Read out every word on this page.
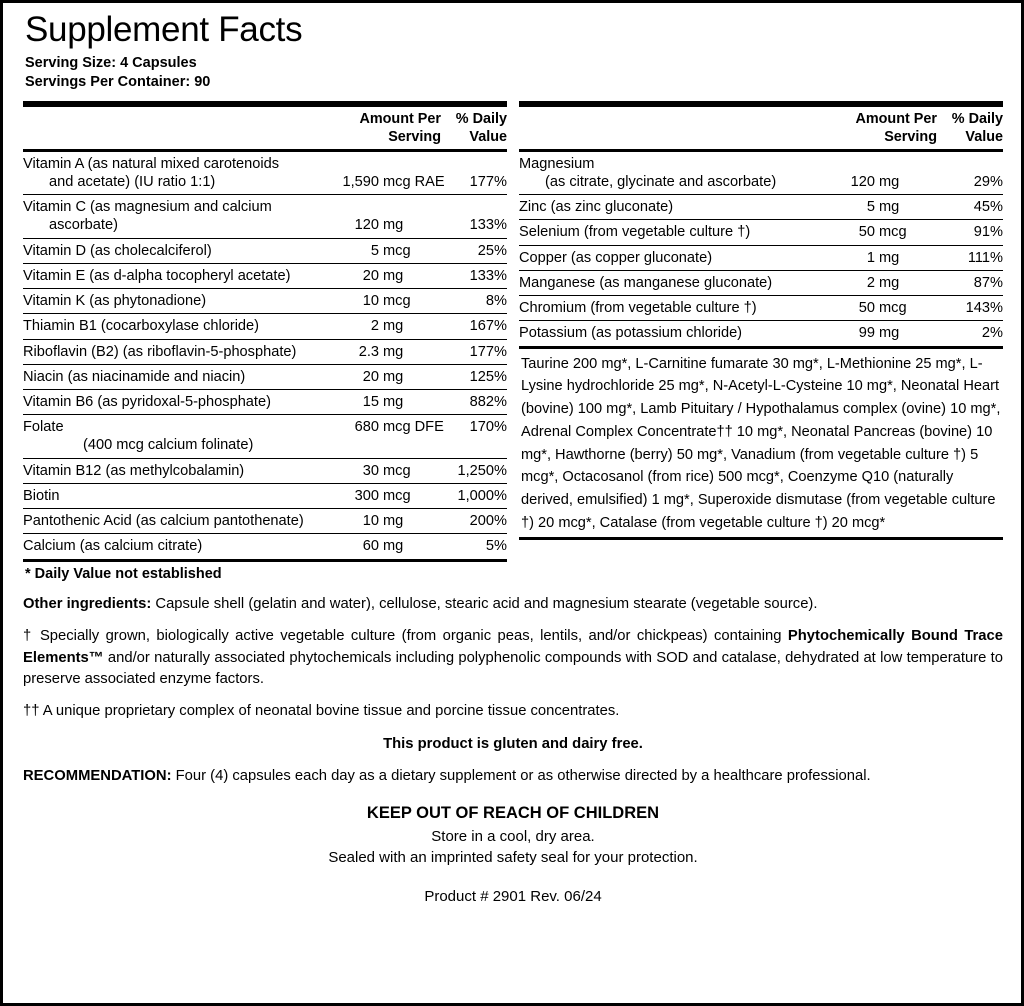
Supplement Facts
Serving Size: 4 Capsules
Servings Per Container: 90
	Amount Per
Serving	% Daily
Value
Vitamin A (as natural mixed carotenoids
and acetate) (IU ratio 1:1)	1,590	mcg RAE	177%
Vitamin C (as magnesium and calcium
ascorbate)	120	mg	133%
Vitamin D (as cholecalciferol)	5	mcg	25%
Vitamin E (as d-alpha tocopheryl acetate)	20	mg	133%
Vitamin K (as phytonadione)	10	mcg	8%
Thiamin B1 (cocarboxylase chloride)	2	mg	167%
Riboflavin (B2) (as riboflavin-5-phosphate)	2.3	mg	177%
Niacin (as niacinamide and niacin)	20	mg	125%
Vitamin B6 (as pyridoxal-5-phosphate)	15	mg	882%
Folate
(400 mcg calcium folinate)	680	mcg DFE	170%
Vitamin B12 (as methylcobalamin)	30	mcg	1,250%
Biotin	300	mcg	1,000%
Pantothenic Acid (as calcium pantothenate)	10	mg	200%
Calcium (as calcium citrate)	60	mg	5%
	Amount Per
Serving	% Daily
Value
Magnesium
(as citrate, glycinate and ascorbate)	120	mg	29%
Zinc (as zinc gluconate)	5	mg	45%
Selenium (from vegetable culture †)	50	mcg	91%
Copper (as copper gluconate)	1	mg	111%
Manganese (as manganese gluconate)	2	mg	87%
Chromium (from vegetable culture †)	50	mcg	143%
Potassium (as potassium chloride)	99	mg	2%
Taurine 200 mg*, L-Carnitine fumarate 30 mg*, L-Methionine 25 mg*, L-Lysine hydrochloride 25 mg*, N-Acetyl-L-Cysteine 10 mg*, Neonatal Heart (bovine) 100 mg*, Lamb Pituitary / Hypothalamus complex (ovine) 10 mg*, Adrenal Complex Concentrate†† 10 mg*, Neonatal Pancreas (bovine) 10 mg*, Hawthorne (berry) 50 mg*, Vanadium (from vegetable culture †) 5 mcg*, Octacosanol (from rice) 500 mcg*, Coenzyme Q10 (naturally derived, emulsified) 1 mg*, Superoxide dismutase (from vegetable culture †) 20 mcg*, Catalase (from vegetable culture †) 20 mcg*
* Daily Value not established

Other ingredients: Capsule shell (gelatin and water), cellulose, stearic acid and magnesium stearate (vegetable source).

† Specially grown, biologically active vegetable culture (from organic peas, lentils, and/or chickpeas) containing Phytochemically Bound Trace Elements™ and/or naturally associated phytochemicals including polyphenolic compounds with SOD and catalase, dehydrated at low temperature to preserve associated enzyme factors.

†† A unique proprietary complex of neonatal bovine tissue and porcine tissue concentrates.

This product is gluten and dairy free.

RECOMMENDATION: Four (4) capsules each day as a dietary supplement or as otherwise directed by a healthcare professional.

KEEP OUT OF REACH OF CHILDREN
Store in a cool, dry area.
Sealed with an imprinted safety seal for your protection.
Product # 2901 Rev. 06/24
